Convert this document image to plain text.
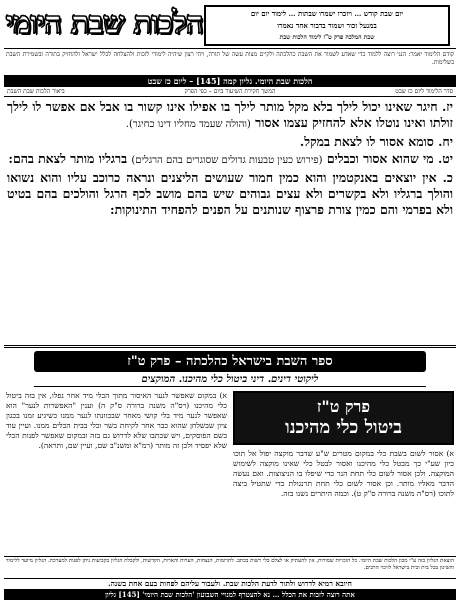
יום שבת קודש … ויזכרו ישמרו שבתות … לימוד יום יום
במנעל זכור ושמור בדבור אחד נאמרו
שבת המלכה פרק ט"ז לימוד הלכות שבת
הלכות שבת היומי
קודם הלימוד יאמר: הנני רוצה ללמוד כדי שאדע לשמור את השבת כהלכתה ולקיים מצות עשה של תורה, ויהי רצון שיהיה לימודי לזכות ולהצלחה לכלל ישראל ולהחזיק בתורה ובשמירת השבת בשלימות.
הלכות שבת היומי. גליון קמה [145] – ליום כז שבט
סדר הלימוד ליום כז שבט
המשך חקירת השיעור ביום – כפי הפרק
ביאור הלכות שבת השבת

יז. חיגר שאינו יכול לילך בלא מקל מותר לילך בו אפילו אינו קשור בו אבל אם אפשר לו לילך זולתו ואינו נוטלו אלא להחזיק עצמו אסור (והולה שעמד מחליו דינו כחיגר).

יח. סומא אסור לו לצאת במקל.

יט. מי שהוא אסור וכבלים (פירוש כעין טבעות גדולים שסוגרים בהם הרגלים) ברגליו מותר לצאת בהם:

כ. אין יוצאים באנקטמין והוא כמין חמור שעושים הליצנים ונראה כרוכב עליו והוא נשואו והולך ברגליו ולא בקשרים ולא עצים גבוהים שיש בהם מושב לכף הרגל והולכים בהם בטיט ולא בפרמי והם כמין צורת פרצוף שנותנים על הפנים להפחיד התינוקות:

ספר השבת בישראל כהלכתה – פרק ט"ז
ליקוטי דינים. דיני ביטול כלי מהיכנו. המוקצים
פרק ט"ז
ביטול כלי מהיכנו
א) אסור לשום בשבת כלי במקום מטרים ש"ע שדבר מוקצה יפול אל תוכו כיון שע"י כך מבטל כלי מהיכנו ואסור לבטל כלי שאינו מוקצה לשימוש המוקצה. ולכן אסור לשום כלי תחת הנר כדי שיפלו בו הניצוצות. ואם נעשה הדבר מאליו מותר. וכן אסור לשום כלי תחת תרנגולת כדי שתטיל ביצה לתוכו (רס"ה משנה ברורה ס"ק ט). וכמה היתרים נשנו בזה.
א) במקום שאפשר לנער האיסור מתוך הכלי מיד אחר נפלו, אין בזה ביטול כלי מהיכנו (רס"ה משנה ברורה ס"ק ה) וענין "האפשרות לנער" הוא שאפשר לנער מיד בלי קושי מאחר שבכוונתו לנער ממנו כשיגיע זמנו בכגון ציון שבשלחן שהוא כבר אחר לקיחת בשר וכלי בבית הכלים ממנו. ועיין עוד בשם הפוסקים, ויש שכתבו שלא לדרוש גם בזה ובמקום שאפשר לפנות הכלי שלא יפסיד ולכן זה מותר (רמ"א ומשנ"ב שם, ועיין שם, ותראה).
הוצאת הגליון בזה ע"י מכון הלכות שבת היומי. כל הזכויות שמורות, אין להעתיק או לצלם בלי רשות בכתב. לתרומות, הנצחות, הערות והארות, הקדשות, ולקבלת הגליון בקביעות ניתן לפנות למערכת. הגליון מיועד ללימוד והשינון בכל בית ובית בישראל לזיכוי הרבים.
חיובא רמיא לדרוש ולתור לדעת הלכות שבת. ולעבור עליהם לפחות בעם אחת בשנה.
אתה רוצה לזכות את הכלל … נא להצטרף למנויי השבועון 'הלכות שבת היומי' [145] גליון
